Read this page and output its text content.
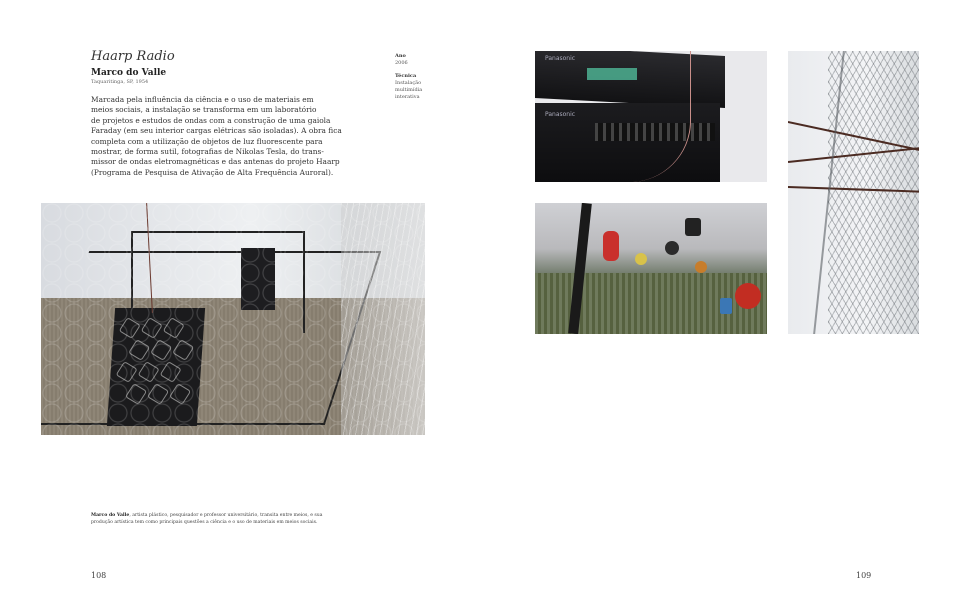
Haarp Radio
Marco do Valle
Taquaritinga, SP, 1954

Marcada pela influência da ciência e o uso de materiais em

meios sociais, a instalação se transforma em um laboratório

de projetos e estudos de ondas com a construção de uma gaiola

Faraday (em seu interior cargas elétricas são isoladas). A obra fica

completa com a utilização de objetos de luz fluorescente para

mostrar, de forma sutil, fotografias de Nikolas Tesla, do trans-

missor de ondas eletromagnéticas e das antenas do projeto Haarp

(Programa de Pesquisa de Ativação de Alta Frequência Auroral).

Ano
2006
Técnica
Instalação
multimídia
interativa
Panasonic
Panasonic
Marco do Valle, artista plástico, pesquisador e professor universitário, transita entre meios, e sua produção artística tem como principais questões a ciência e o uso de materiais em meios sociais.
108	109
